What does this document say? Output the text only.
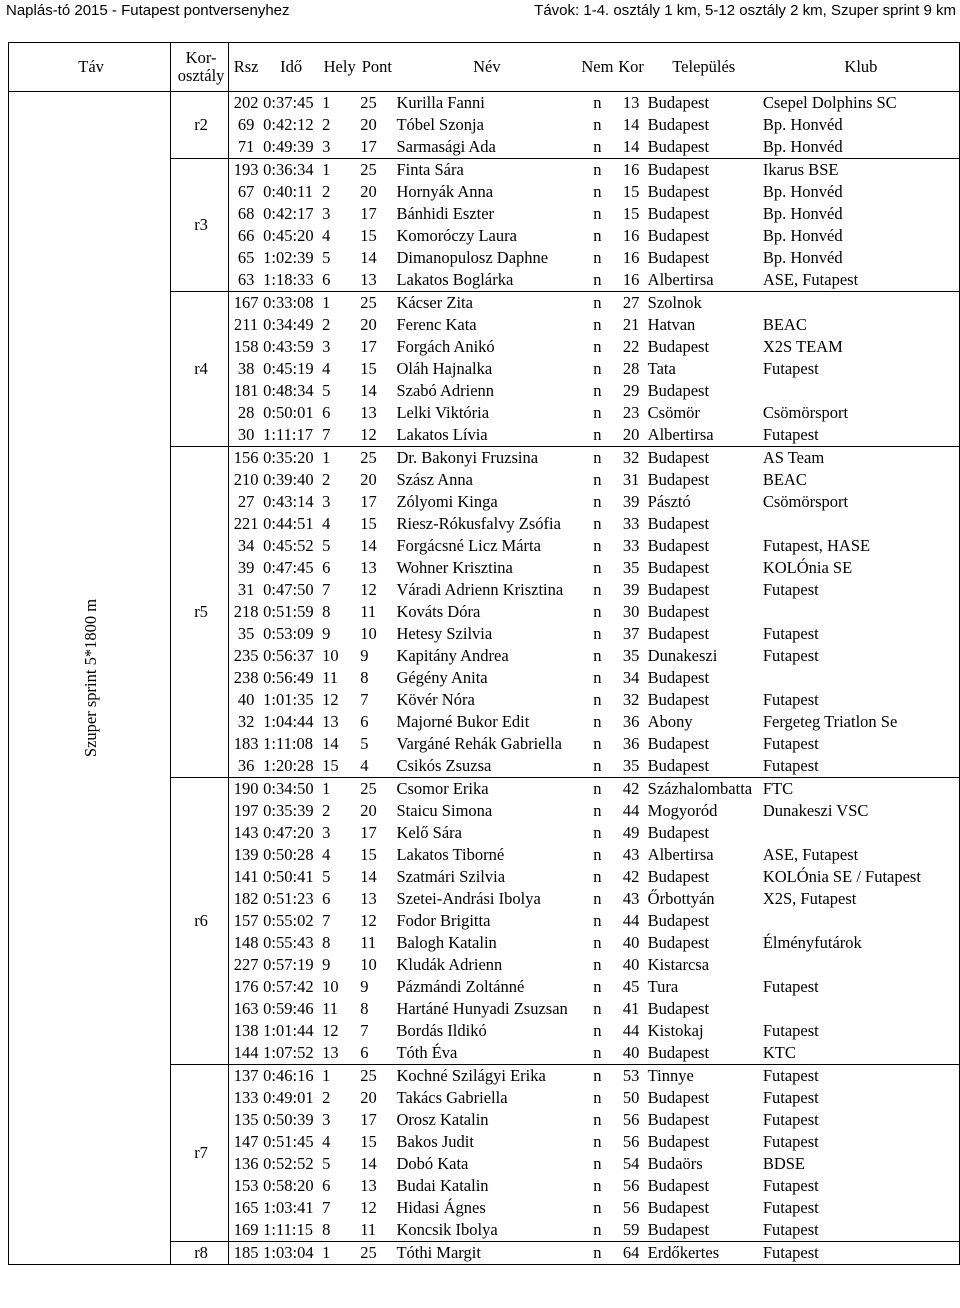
Naplás-tó 2015 - Futapest pontversenyhez	Távok: 1-4. osztály 1 km, 5-12 osztály 2 km, Szuper sprint 9 km
Táv	Kor-
osztály	Rsz	Idő	Hely	Pont	Név	Nem	Kor	Település	Klub

Szuper sprint 5*1800 m	r2	202	0:37:45	1	25	Kurilla Fanni	n	13	Budapest	Csepel Dolphins SC
		69	0:42:12	2	20	Tóbel Szonja	n	14	Budapest	Bp. Honvéd
		71	0:49:39	3	17	Sarmasági Ada	n	14	Budapest	Bp. Honvéd
	r3	193	0:36:34	1	25	Finta Sára	n	16	Budapest	Ikarus BSE
		67	0:40:11	2	20	Hornyák Anna	n	15	Budapest	Bp. Honvéd
		68	0:42:17	3	17	Bánhidi Eszter	n	15	Budapest	Bp. Honvéd
		66	0:45:20	4	15	Komoróczy Laura	n	16	Budapest	Bp. Honvéd
		65	1:02:39	5	14	Dimanopulosz Daphne	n	16	Budapest	Bp. Honvéd
		63	1:18:33	6	13	Lakatos Boglárka	n	16	Albertirsa	ASE, Futapest
	r4	167	0:33:08	1	25	Kácser Zita	n	27	Szolnok	
		211	0:34:49	2	20	Ferenc Kata	n	21	Hatvan	BEAC
		158	0:43:59	3	17	Forgách Anikó	n	22	Budapest	X2S TEAM
		38	0:45:19	4	15	Oláh Hajnalka	n	28	Tata	Futapest
		181	0:48:34	5	14	Szabó Adrienn	n	29	Budapest	
		28	0:50:01	6	13	Lelki Viktória	n	23	Csömör	Csömörsport
		30	1:11:17	7	12	Lakatos Lívia	n	20	Albertirsa	Futapest
	r5	156	0:35:20	1	25	Dr. Bakonyi Fruzsina	n	32	Budapest	AS Team
		210	0:39:40	2	20	Szász Anna	n	31	Budapest	BEAC
		27	0:43:14	3	17	Zólyomi Kinga	n	39	Pásztó	Csömörsport
		221	0:44:51	4	15	Riesz-Rókusfalvy Zsófia	n	33	Budapest	
		34	0:45:52	5	14	Forgácsné Licz Márta	n	33	Budapest	Futapest, HASE
		39	0:47:45	6	13	Wohner Krisztina	n	35	Budapest	KOLÓnia SE
		31	0:47:50	7	12	Váradi Adrienn Krisztina	n	39	Budapest	Futapest
		218	0:51:59	8	11	Kováts Dóra	n	30	Budapest	
		35	0:53:09	9	10	Hetesy Szilvia	n	37	Budapest	Futapest
		235	0:56:37	10	9	Kapitány Andrea	n	35	Dunakeszi	Futapest
		238	0:56:49	11	8	Gégény Anita	n	34	Budapest	
		40	1:01:35	12	7	Kövér Nóra	n	32	Budapest	Futapest
		32	1:04:44	13	6	Majorné Bukor Edit	n	36	Abony	Fergeteg Triatlon Se
		183	1:11:08	14	5	Vargáné Rehák Gabriella	n	36	Budapest	Futapest
		36	1:20:28	15	4	Csikós Zsuzsa	n	35	Budapest	Futapest
	r6	190	0:34:50	1	25	Csomor Erika	n	42	Százhalombatta	FTC
		197	0:35:39	2	20	Staicu Simona	n	44	Mogyoród	Dunakeszi VSC
		143	0:47:20	3	17	Kelő Sára	n	49	Budapest	
		139	0:50:28	4	15	Lakatos Tiborné	n	43	Albertirsa	ASE, Futapest
		141	0:50:41	5	14	Szatmári Szilvia	n	42	Budapest	KOLÓnia SE / Futapest
		182	0:51:23	6	13	Szetei-Andrási Ibolya	n	43	Őrbottyán	X2S, Futapest
		157	0:55:02	7	12	Fodor Brigitta	n	44	Budapest	
		148	0:55:43	8	11	Balogh Katalin	n	40	Budapest	Élményfutárok
		227	0:57:19	9	10	Kludák Adrienn	n	40	Kistarcsa	
		176	0:57:42	10	9	Pázmándi Zoltánné	n	45	Tura	Futapest
		163	0:59:46	11	8	Hartáné Hunyadi Zsuzsan	n	41	Budapest	
		138	1:01:44	12	7	Bordás Ildikó	n	44	Kistokaj	Futapest
		144	1:07:52	13	6	Tóth Éva	n	40	Budapest	KTC
	r7	137	0:46:16	1	25	Kochné Szilágyi Erika	n	53	Tinnye	Futapest
		133	0:49:01	2	20	Takács Gabriella	n	50	Budapest	Futapest
		135	0:50:39	3	17	Orosz Katalin	n	56	Budapest	Futapest
		147	0:51:45	4	15	Bakos Judit	n	56	Budapest	Futapest
		136	0:52:52	5	14	Dobó Kata	n	54	Budaörs	BDSE
		153	0:58:20	6	13	Budai Katalin	n	56	Budapest	Futapest
		165	1:03:41	7	12	Hidasi Ágnes	n	56	Budapest	Futapest
		169	1:11:15	8	11	Koncsik Ibolya	n	59	Budapest	Futapest
	r8	185	1:03:04	1	25	Tóthi Margit	n	64	Erdőkertes	Futapest
